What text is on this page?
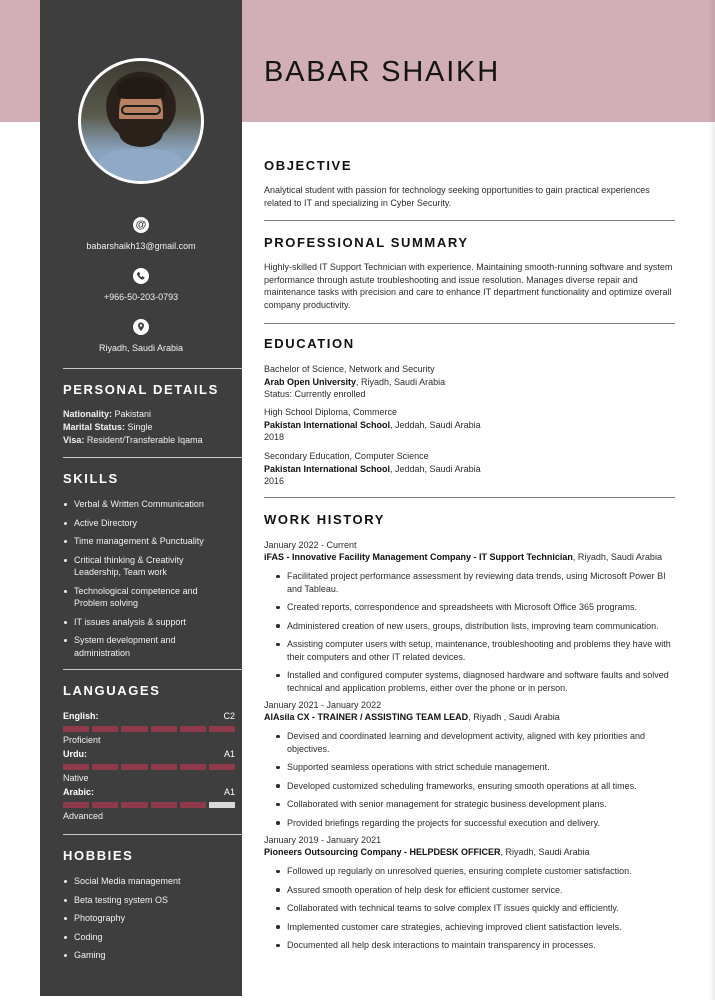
@
babarshaikh13@gmail.com
+966-50-203-0793
Riyadh, Saudi Arabia
PERSONAL DETAILS
Nationality: Pakistani
Marital Status: Single
Visa: Resident/Transferable Iqama
SKILLS
Verbal & Written Communication
Active Directory
Time management & Punctuality
Critical thinking & Creativity Leadership, Team work
Technological competence and Problem solving
IT issues analysis & support
System development and administration
LANGUAGES
English:	C2
Proficient
Urdu:	A1
Native
Arabic:	A1
Advanced
HOBBIES
Social Media management
Beta testing system OS
Photography
Coding
Gaming
BABAR SHAIKH
OBJECTIVE
Analytical student with passion for technology seeking opportunities to gain practical experiences related to IT and specializing in Cyber Security.
PROFESSIONAL SUMMARY
Highly-skilled IT Support Technician with experience. Maintaining smooth-running software and system performance through astute troubleshooting and issue resolution. Manages diverse repair and maintenance tasks with precision and care to enhance IT department functionality and optimize overall company productivity.
EDUCATION
Bachelor of Science, Network and Security
Arab Open University, Riyadh, Saudi Arabia
Status: Currently enrolled
High School Diploma, Commerce
Pakistan International School, Jeddah, Saudi Arabia
2018
Secondary Education, Computer Science
Pakistan International School, Jeddah, Saudi Arabia
2016
WORK HISTORY
January 2022 - Current
iFAS - Innovative Facility Management Company - IT Support Technician, Riyadh, Saudi Arabia
Facilitated project performance assessment by reviewing data trends, using Microsoft Power BI and Tableau.
Created reports, correspondence and spreadsheets with Microsoft Office 365 programs.
Administered creation of new users, groups, distribution lists, improving team communication.
Assisting computer users with setup, maintenance, troubleshooting and problems they have with their computers and other IT related devices.
Installed and configured computer systems, diagnosed hardware and software faults and solved technical and application problems, either over the phone or in person.
January 2021 - January 2022
AlAsila CX - TRAINER / ASSISTING TEAM LEAD, Riyadh , Saudi Arabia
Devised and coordinated learning and development activity, aligned with key priorities and objectives.
Supported seamless operations with strict schedule management.
Developed customized scheduling frameworks, ensuring smooth operations at all times.
Collaborated with senior management for strategic business development plans.
Provided briefings regarding the projects for successful execution and delivery.
January 2019 - January 2021
Pioneers Outsourcing Company - HELPDESK OFFICER, Riyadh, Saudi Arabia
Followed up regularly on unresolved queries, ensuring complete customer satisfaction.
Assured smooth operation of help desk for efficient customer service.
Collaborated with technical teams to solve complex IT issues quickly and efficiently.
Implemented customer care strategies, achieving improved client satisfaction levels.
Documented all help desk interactions to maintain transparency in processes.
